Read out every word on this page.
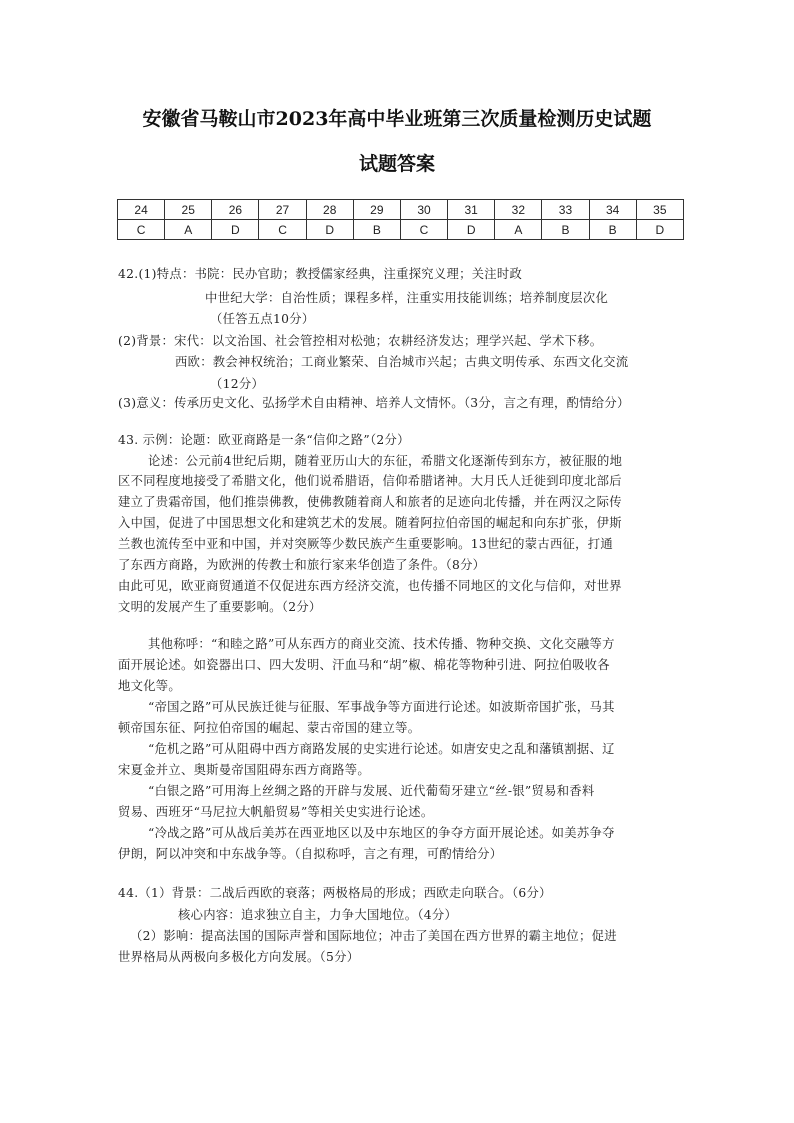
安徽省马鞍山市2023年高中毕业班第三次质量检测历史试题
试题答案
24	25	26	27	28	29	30	31	32	33	34	35
C	A	D	C	D	B	C	D	A	B	B	D
42.(1)特点：书院：民办官助；教授儒家经典，注重探究义理；关注时政
中世纪大学：自治性质；课程多样，注重实用技能训练；培养制度层次化
（任答五点10分）
(2)背景：宋代：以文治国、社会管控相对松弛；农耕经济发达；理学兴起、学术下移。
西欧：教会神权统治；工商业繁荣、自治城市兴起；古典文明传承、东西文化交流
（12分）
(3)意义：传承历史文化、弘扬学术自由精神、培养人文情怀。（3分，言之有理，酌情给分）
43. 示例：论题：欧亚商路是一条“信仰之路”（2分）
论述：公元前4世纪后期，随着亚历山大的东征，希腊文化逐渐传到东方，被征服的地
区不同程度地接受了希腊文化，他们说希腊语，信仰希腊诸神。大月氏人迁徙到印度北部后
建立了贵霜帝国，他们推崇佛教，使佛教随着商人和旅者的足迹向北传播，并在两汉之际传
入中国，促进了中国思想文化和建筑艺术的发展。随着阿拉伯帝国的崛起和向东扩张，伊斯
兰教也流传至中亚和中国，并对突厥等少数民族产生重要影响。13世纪的蒙古西征，打通
了东西方商路，为欧洲的传教士和旅行家来华创造了条件。（8分）
由此可见，欧亚商贸通道不仅促进东西方经济交流，也传播不同地区的文化与信仰，对世界
文明的发展产生了重要影响。（2分）
其他称呼：“和睦之路”可从东西方的商业交流、技术传播、物种交换、文化交融等方
面开展论述。如瓷器出口、四大发明、汗血马和“胡”椒、棉花等物种引进、阿拉伯吸收各
地文化等。
“帝国之路”可从民族迁徙与征服、军事战争等方面进行论述。如波斯帝国扩张，马其
顿帝国东征、阿拉伯帝国的崛起、蒙古帝国的建立等。
“危机之路”可从阻碍中西方商路发展的史实进行论述。如唐安史之乱和藩镇割据、辽
宋夏金并立、奥斯曼帝国阻碍东西方商路等。
“白银之路”可用海上丝绸之路的开辟与发展、近代葡萄牙建立“丝-银”贸易和香料
贸易、西班牙“马尼拉大帆船贸易”等相关史实进行论述。
“冷战之路”可从战后美苏在西亚地区以及中东地区的争夺方面开展论述。如美苏争夺
伊朗，阿以冲突和中东战争等。（自拟称呼，言之有理，可酌情给分）
44.（1）背景：二战后西欧的衰落；两极格局的形成；西欧走向联合。（6分）
核心内容：追求独立自主，力争大国地位。（4分）
（2）影响：提高法国的国际声誉和国际地位；冲击了美国在西方世界的霸主地位；促进
世界格局从两极向多极化方向发展。（5分）
